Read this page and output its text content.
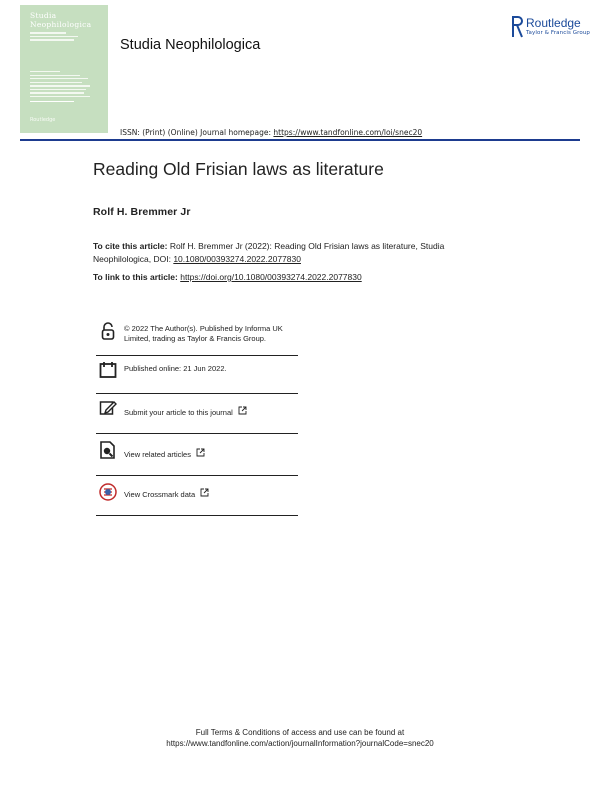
Studia
Neophilologica
Routledge
Studia Neophilologica
Routledge
Taylor & Francis Group
ISSN: (Print) (Online) Journal homepage: https://www.tandfonline.com/loi/snec20
Reading Old Frisian laws as literature
Rolf H. Bremmer Jr
To cite this article: Rolf H. Bremmer Jr (2022): Reading Old Frisian laws as literature, Studia
Neophilologica, DOI: 10.1080/00393274.2022.2077830
To link to this article: https://doi.org/10.1080/00393274.2022.2077830
© 2022 The Author(s). Published by Informa UK Limited, trading as Taylor & Francis Group.
Published online: 21 Jun 2022.
Submit your article to this journal
View related articles
View Crossmark data
Full Terms & Conditions of access and use can be found at
https://www.tandfonline.com/action/journalInformation?journalCode=snec20
